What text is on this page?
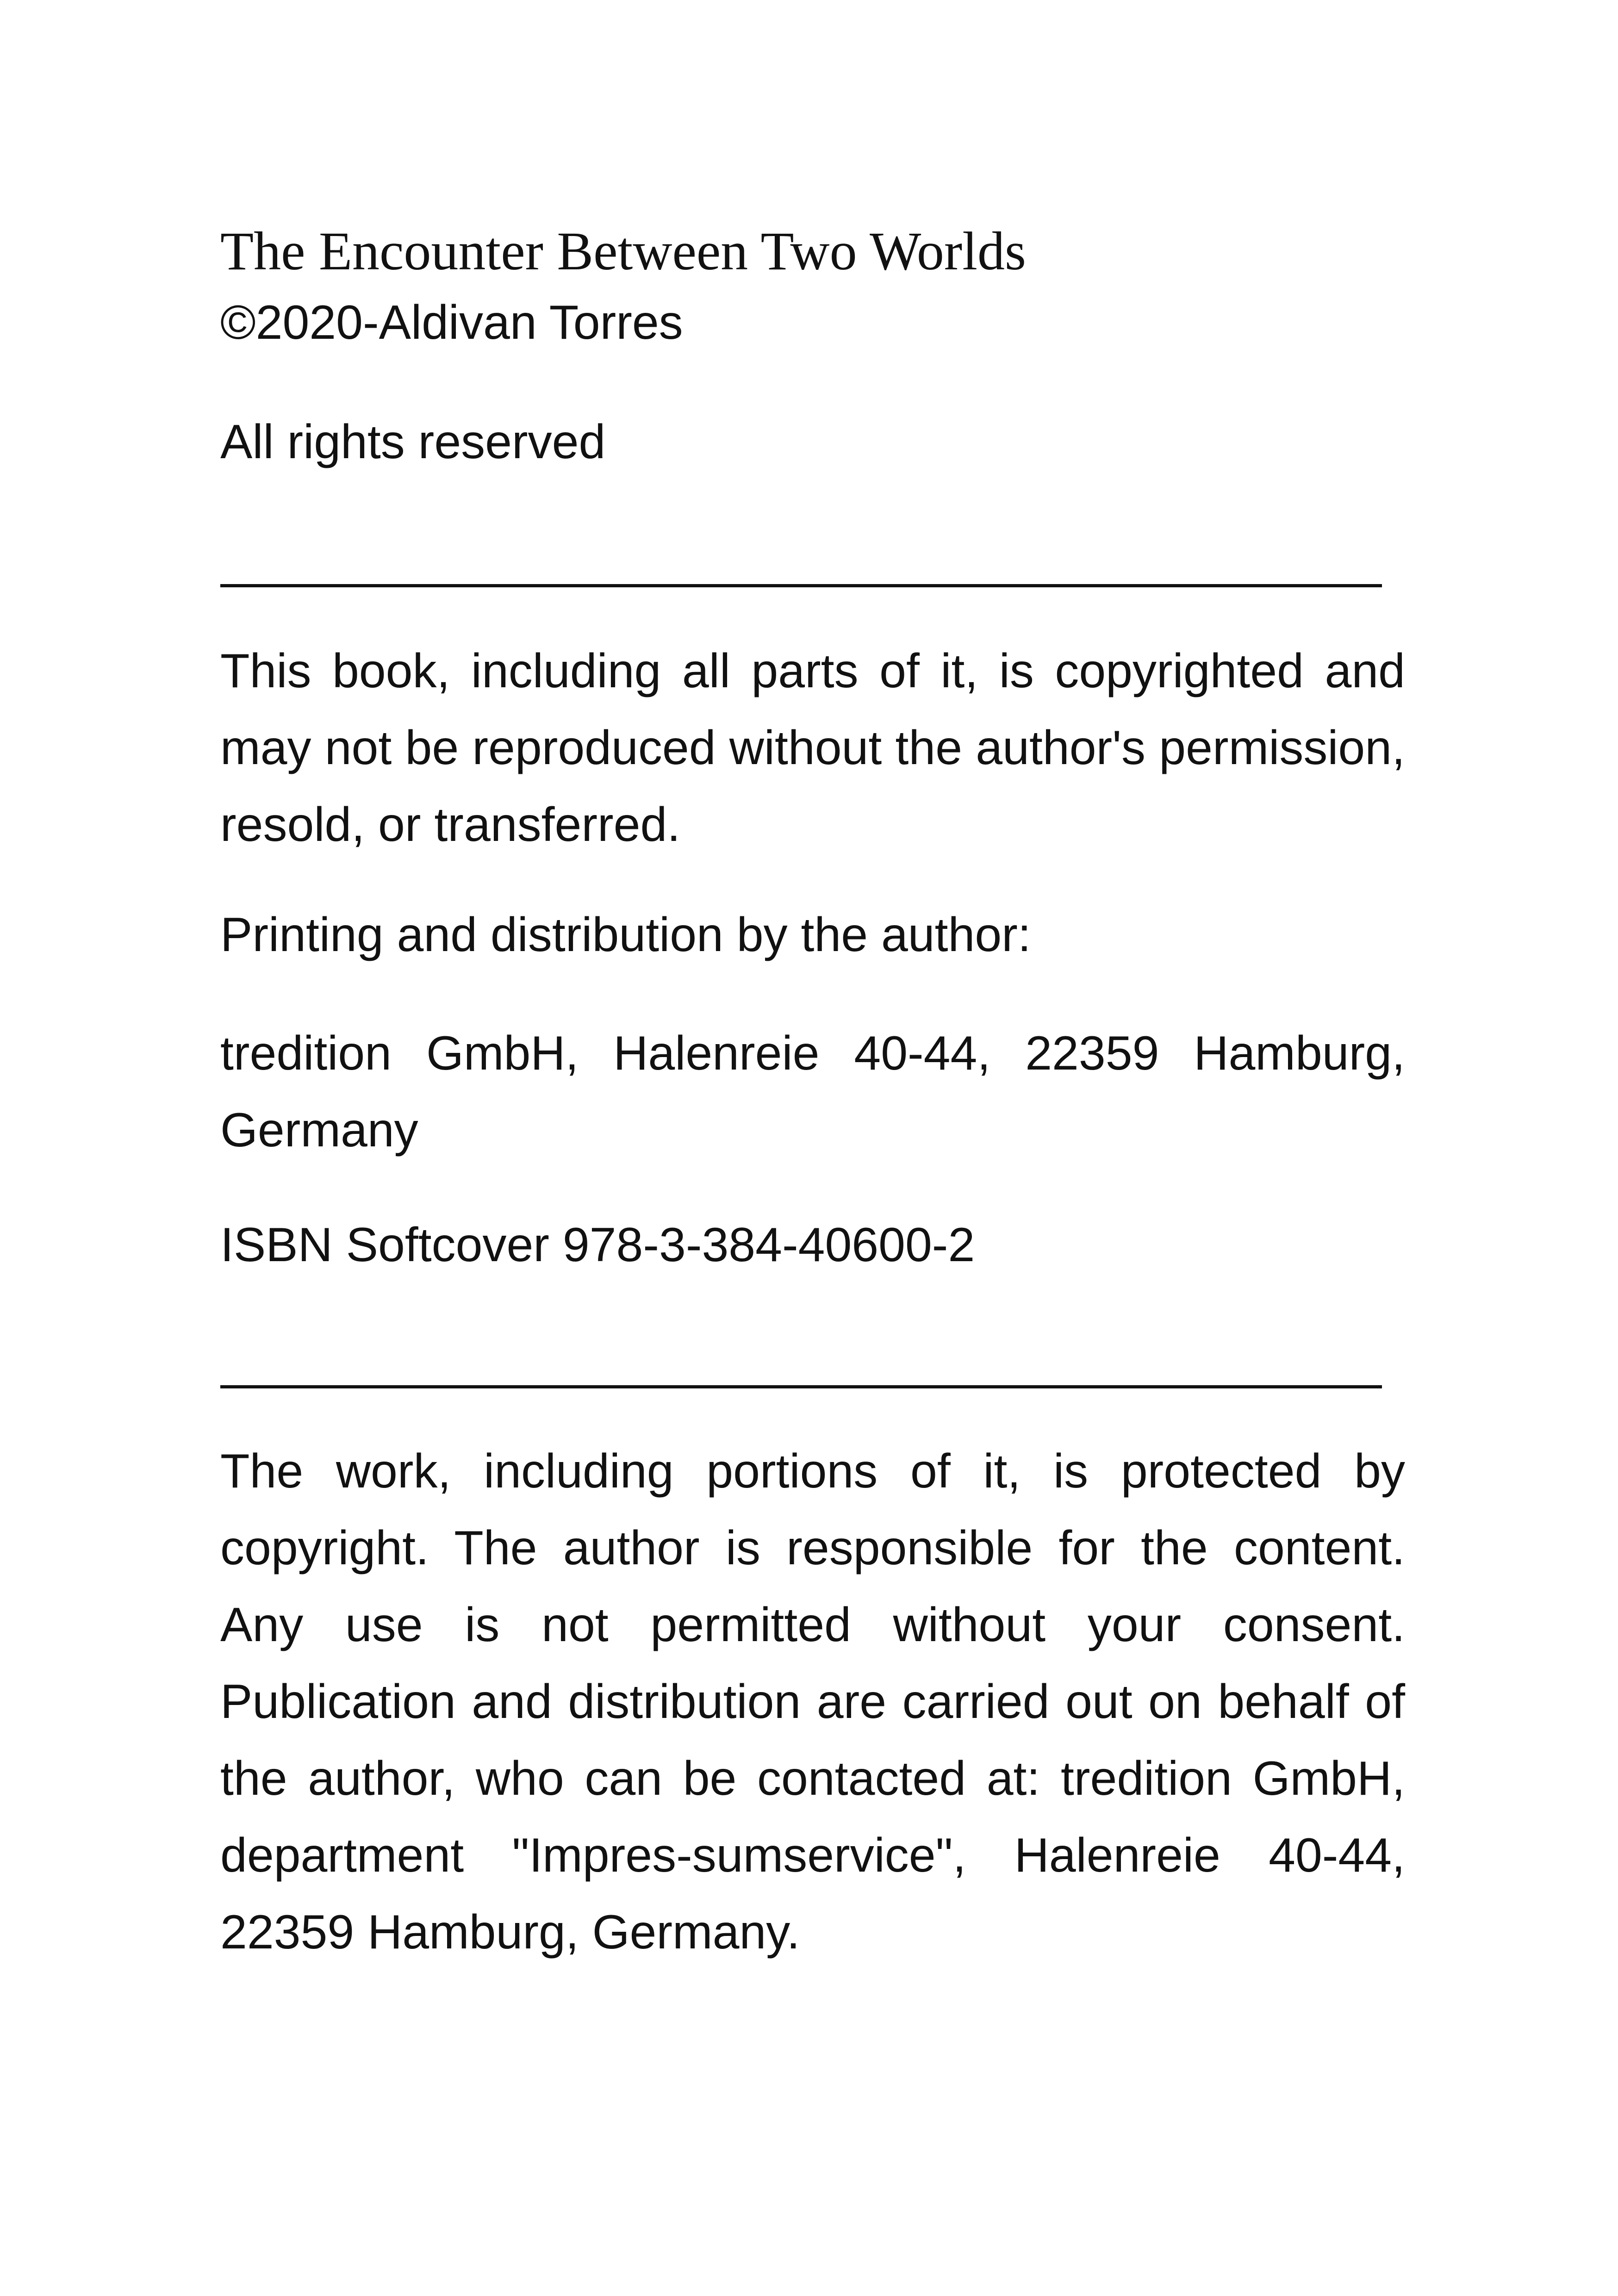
The Encounter Between Two Worlds
©2020-Aldivan Torres
All rights reserved
This book, including all parts of it, is copyrighted and may not be reproduced without the author's permission, resold, or transferred.
Printing and distribution by the author:
tredition GmbH, Halenreie 40-44, 22359 Hamburg, Germany
ISBN Softcover 978-3-384-40600-2
The work, including portions of it, is protected by copyright. The author is responsible for the content. Any use is not permitted without your consent. Publication and distribution are carried out on behalf of the author, who can be contacted at: tredition GmbH, department "Impres-sumservice", Halenreie 40-44, 22359 Hamburg, Germany.
